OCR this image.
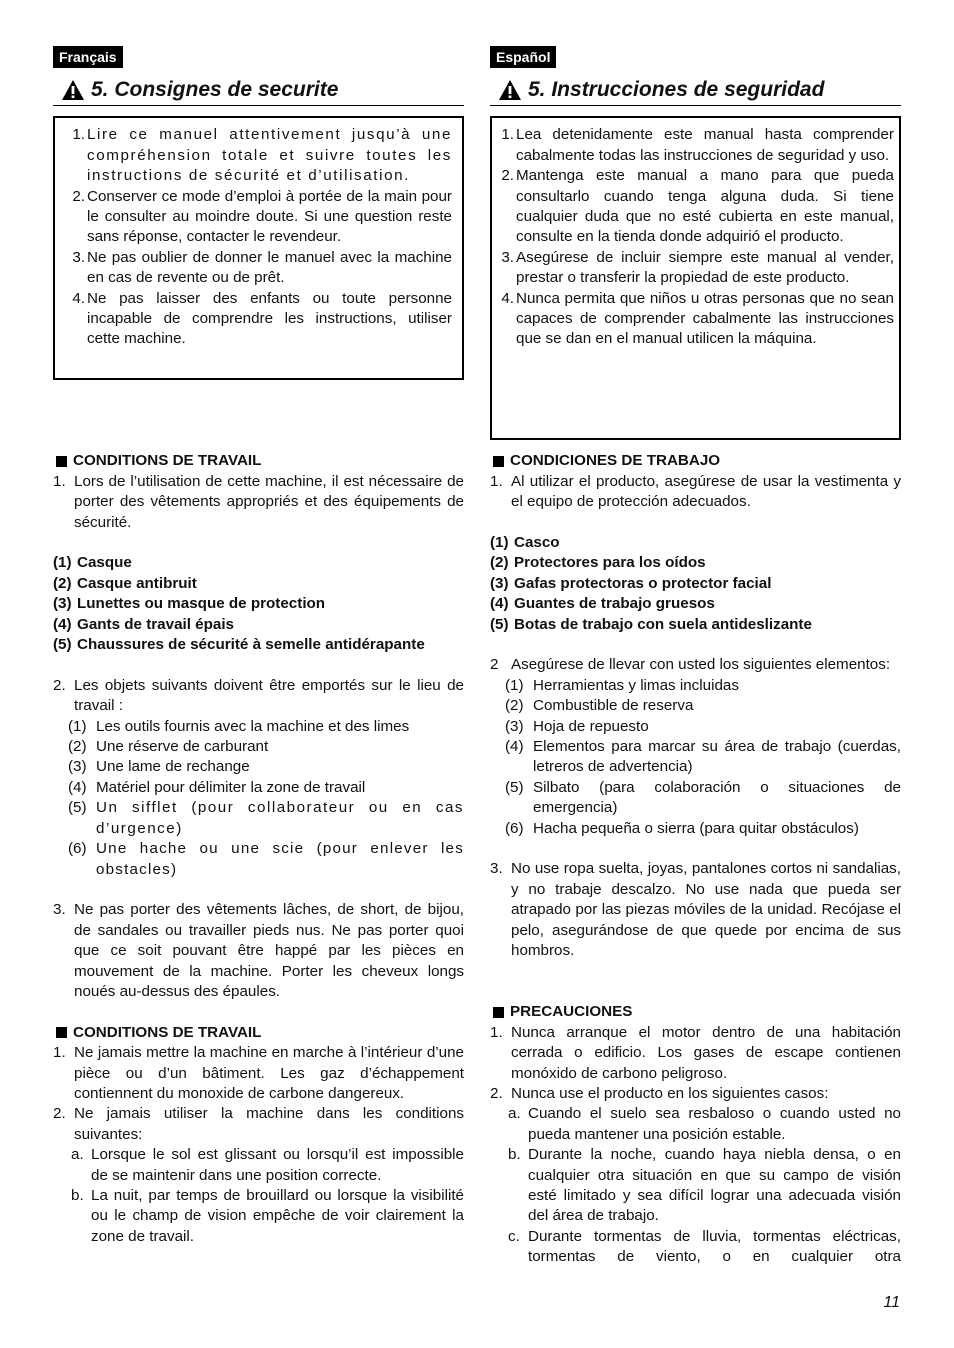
Français
5. Consignes de securite
1. Lire ce manuel attentivement jusqu’à une compréhension totale et suivre toutes les instructions de sécurité et d’utilisation.
2. Conserver ce mode d’emploi à portée de la main pour le consulter au moindre doute. Si une question reste sans réponse, contacter le revendeur.
3. Ne pas oublier de donner le manuel avec la machine en cas de revente ou de prêt.
4. Ne pas laisser des enfants ou toute personne incapable de comprendre les instructions, utiliser cette machine.
CONDITIONS DE TRAVAIL
1. Lors de l’utilisation de cette machine, il est nécessaire de porter des vêtements appropriés et des équipements de sécurité.
(1) Casque
(2) Casque antibruit
(3) Lunettes ou masque de protection
(4) Gants de travail épais
(5) Chaussures de sécurité à semelle antidérapante
2. Les objets suivants doivent être emportés sur le lieu de travail :
(1) Les outils fournis avec la machine et des limes
(2) Une réserve de carburant
(3) Une lame de rechange
(4) Matériel pour délimiter la zone de travail
(5) Un sifflet (pour collaborateur ou en cas d’urgence)
(6) Une hache ou une scie (pour enlever les obstacles)
3. Ne pas porter des vêtements lâches, de short, de bijou, de sandales ou travailler pieds nus. Ne pas porter quoi que ce soit pouvant être happé par les pièces en mouvement de la machine. Porter les cheveux longs noués au-dessus des épaules.
CONDITIONS DE TRAVAIL
1. Ne jamais mettre la machine en marche à l’intérieur d’une pièce ou d’un bâtiment. Les gaz d’échappement contiennent du monoxide de carbone dangereux.
2. Ne jamais utiliser la machine dans les conditions suivantes:
a. Lorsque le sol est glissant ou lorsqu’il est impossible de se maintenir dans une position correcte.
b. La nuit, par temps de brouillard ou lorsque la visibilité ou le champ de vision empêche de voir clairement la zone de travail.
Español
5. Instrucciones de seguridad
1. Lea detenidamente este manual hasta comprender cabalmente todas las instrucciones de seguridad y uso.
2. Mantenga este manual a mano para que pueda consultarlo cuando tenga alguna duda. Si tiene cualquier duda que no esté cubierta en este manual, consulte en la tienda donde adquirió el producto.
3. Asegúrese de incluir siempre este manual al vender, prestar o transferir la propiedad de este producto.
4. Nunca permita que niños u otras personas que no sean capaces de comprender cabalmente las instrucciones que se dan en el manual utilicen la máquina.
CONDICIONES DE TRABAJO
1. Al utilizar el producto, asegúrese de usar la vestimenta y el equipo de protección adecuados.
(1) Casco
(2) Protectores para los oídos
(3) Gafas protectoras o protector facial
(4) Guantes de trabajo gruesos
(5) Botas de trabajo con suela antideslizante
2 Asegúrese de llevar con usted los siguientes elementos:
(1) Herramientas y limas incluidas
(2) Combustible de reserva
(3) Hoja de repuesto
(4) Elementos para marcar su área de trabajo (cuerdas, letreros de advertencia)
(5) Silbato (para colaboración o situaciones de emergencia)
(6) Hacha pequeña o sierra (para quitar obstáculos)
3. No use ropa suelta, joyas, pantalones cortos ni sandalias, y no trabaje descalzo. No use nada que pueda ser atrapado por las piezas móviles de la unidad. Recójase el pelo, asegurándose de que quede por encima de sus hombros.
PRECAUCIONES
1. Nunca arranque el motor dentro de una habitación cerrada o edificio. Los gases de escape contienen monóxido de carbono peligroso.
2. Nunca use el producto en los siguientes casos:
a. Cuando el suelo sea resbaloso o cuando usted no pueda mantener una posición estable.
b. Durante la noche, cuando haya niebla densa, o en cualquier otra situación en que su campo de visión esté limitado y sea difícil lograr una adecuada visión del área de trabajo.
c. Durante tormentas de lluvia, tormentas eléctricas, tormentas de viento, o en cualquier otra
11
